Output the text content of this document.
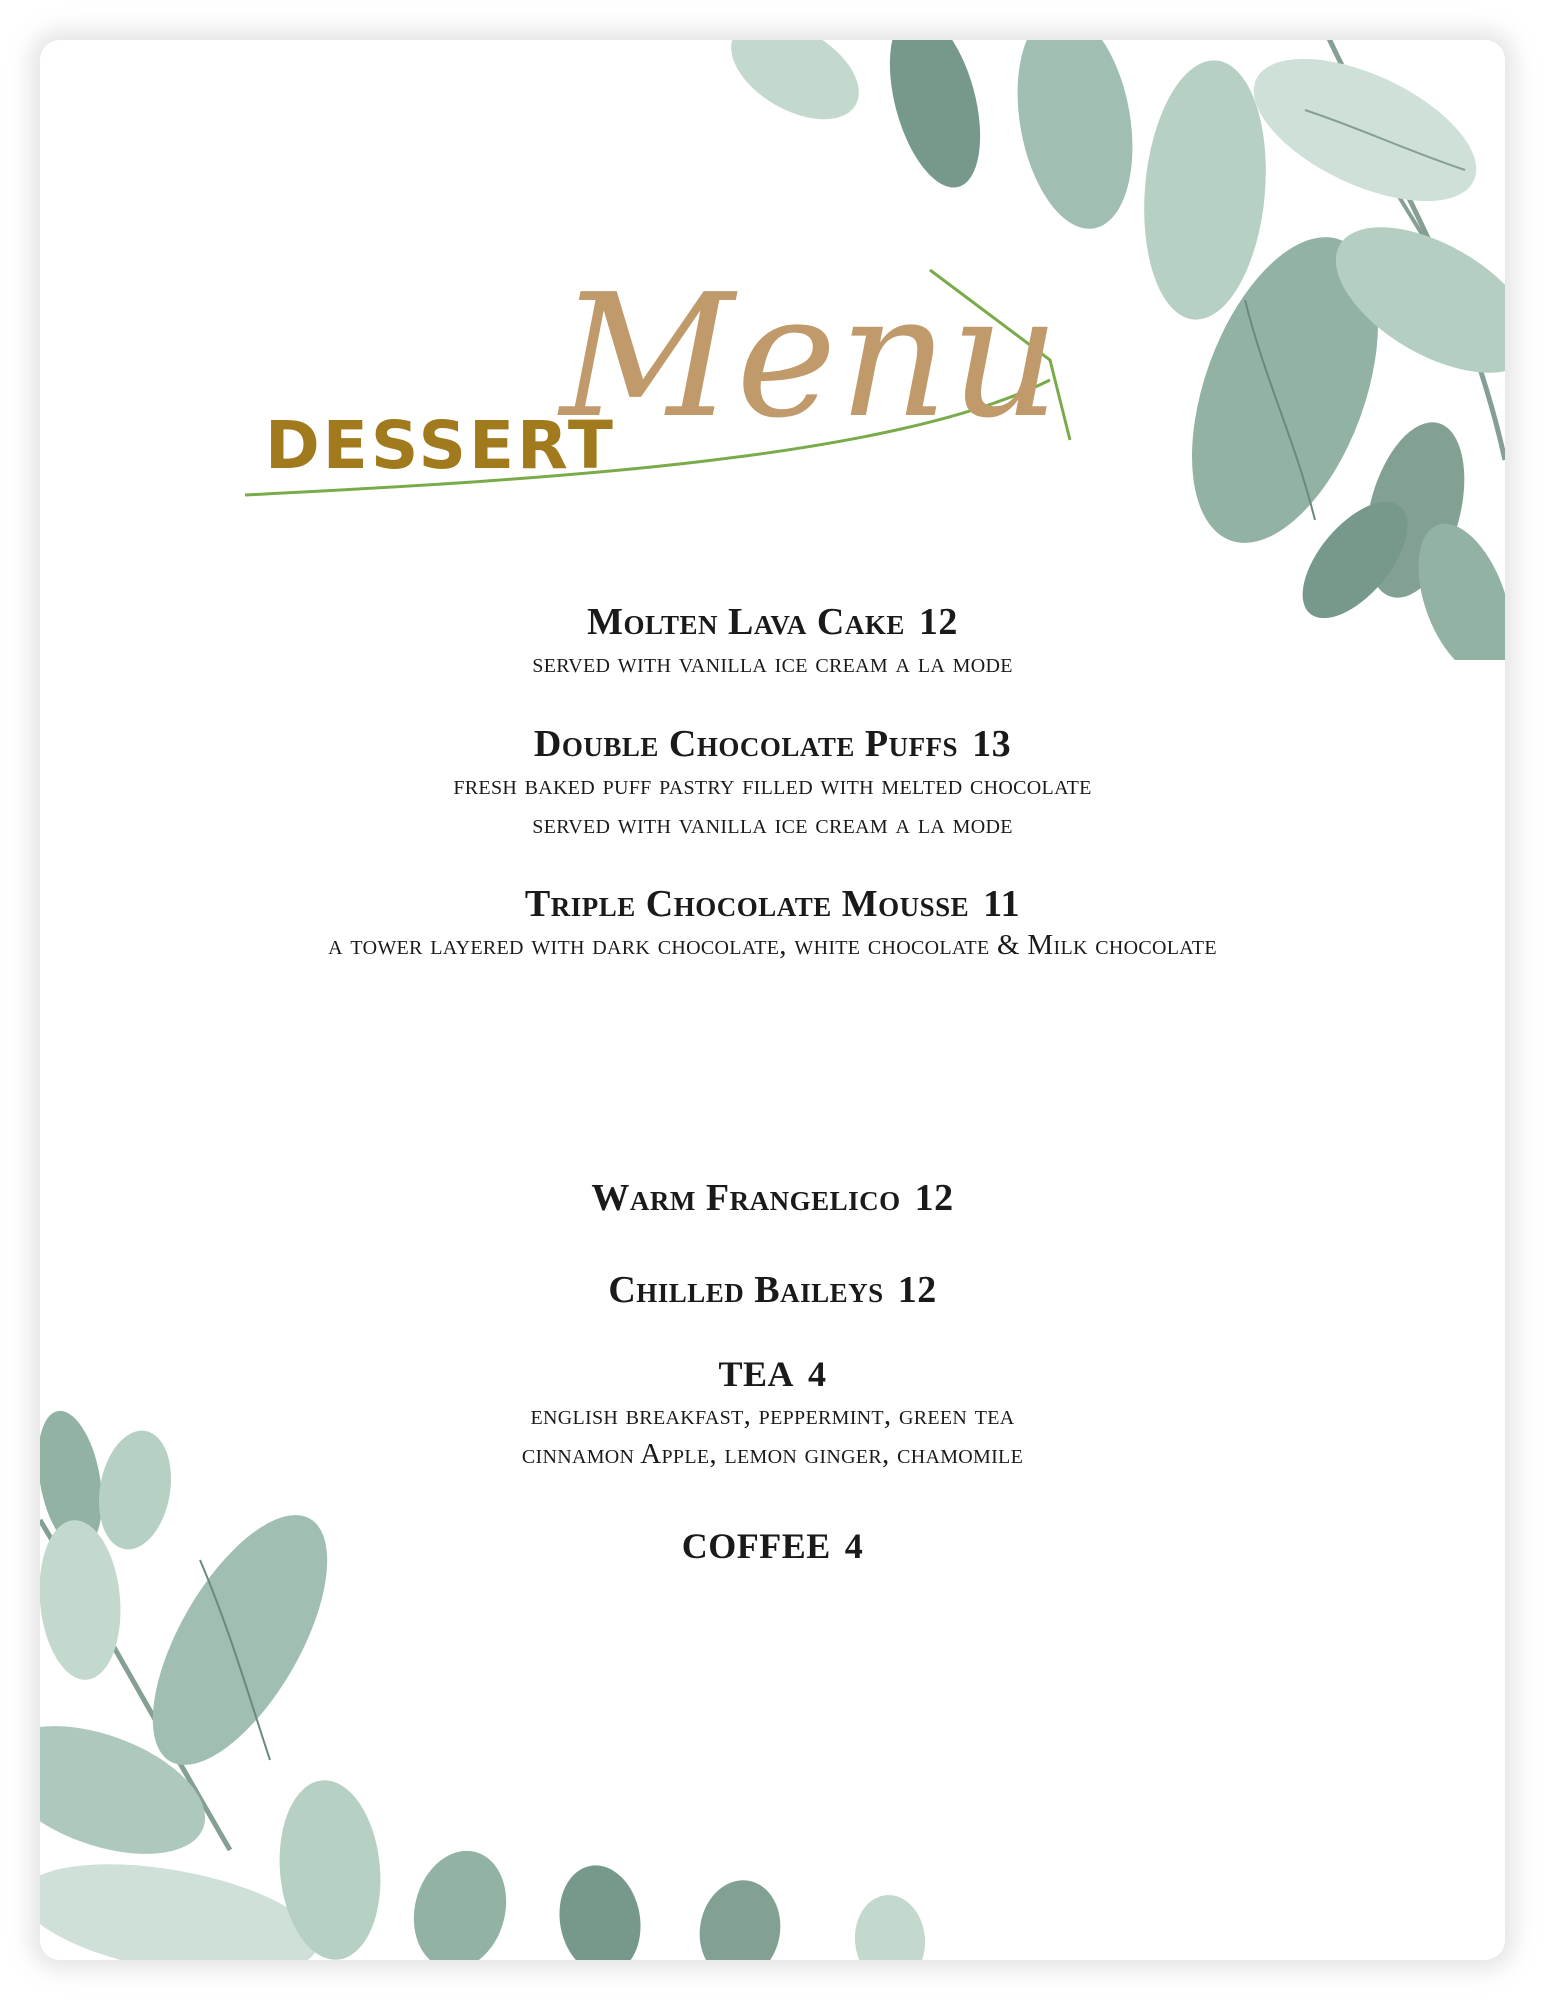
Menu
DESSERT
Molten Lava Cake 12
served with vanilla ice cream a la mode
Double Chocolate Puffs 13
fresh baked puff pastry filled with melted chocolate
served with vanilla ice cream a la mode
Triple Chocolate Mousse 11
a tower layered with dark chocolate, white chocolate & Milk chocolate
Warm Frangelico 12
Chilled Baileys 12
TEA 4
english breakfast, peppermint, green tea
cinnamon Apple, lemon ginger, chamomile
COFFEE 4
